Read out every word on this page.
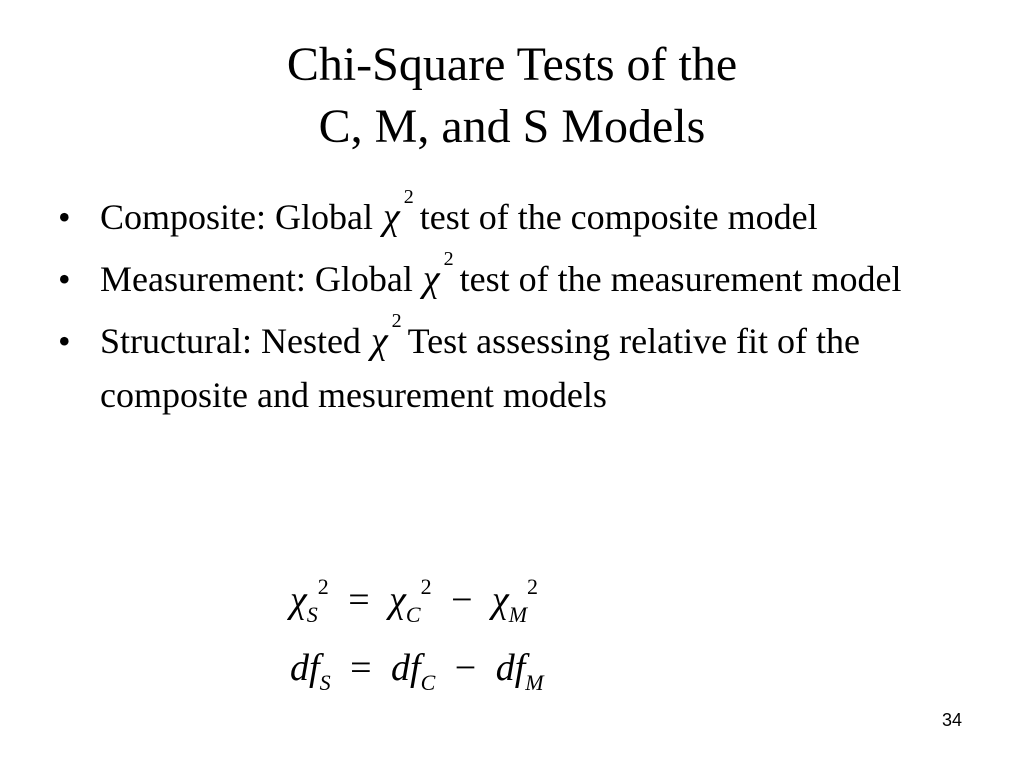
Chi-Square Tests of the
C, M, and S Models
• Composite: Global χ 2 test of the composite model
• Measurement: Global χ 2 test of the measurement model
• Structural: Nested χ 2 Test assessing relative fit of the composite and mesurement models
$\chi_S^2 = \chi_C^2 - \chi_M^2$
$df_S = df_C - df_M$
34
